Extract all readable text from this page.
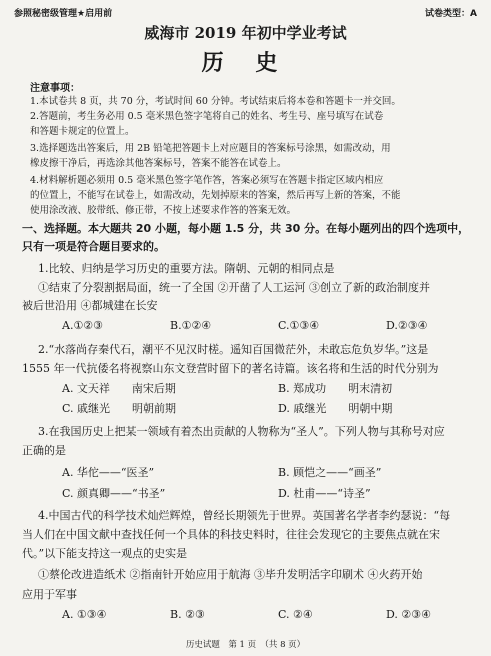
参照秘密级管理★启用前	试卷类型：A
威海市 2019 年初中学业考试
历 史
注意事项：
1.本试卷共 8 页，共 70 分，考试时间 60 分钟。考试结束后将本卷和答题卡一并交回。
2.答题前，考生务必用 0.5 毫米黑色签字笔将自己的姓名、考生号、座号填写在试卷
和答题卡规定的位置上。
3.选择题选出答案后，用 2B 铅笔把答题卡上对应题目的答案标号涂黑，如需改动，用
橡皮擦干净后，再选涂其他答案标号，答案不能答在试卷上。
4.材料解析题必须用 0.5 毫米黑色签字笔作答，答案必须写在答题卡指定区域内相应
的位置上，不能写在试卷上，如需改动，先划掉原来的答案，然后再写上新的答案，不能
使用涂改液、胶带纸、修正带，不按上述要求作答的答案无效。
一、选择题。本大题共 20 小题，每小题 1.5 分，共 30 分。在每小题列出的四个选项中，
只有一项是符合题目要求的。
1.比较、归纳是学习历史的重要方法。隋朝、元朝的相同点是
①结束了分裂割据局面，统一了全国 ②开凿了人工运河 ③创立了新的政治制度并
被后世沿用 ④都城建在长安
A.①②③	B.①②④	C.①③④	D.②③④
2.“水落尚存秦代石，潮平不见汉时槎。遥知百国微茫外，未敢忘危负岁华。”这是
1555 年一代抗倭名将视察山东文登营时留下的著名诗篇。该名将和生活的时代分别为
A. 文天祥　　南宋后期	B. 郑成功　　明末清初
C. 戚继光　　明朝前期	D. 戚继光　　明朝中期
3.在我国历史上把某一领域有着杰出贡献的人物称为“圣人”。下列人物与其称号对应
正确的是
A. 华佗——“医圣”	B. 顾恺之——“画圣”
C. 颜真卿——“书圣”	D. 杜甫——“诗圣”
4.中国古代的科学技术灿烂辉煌，曾经长期领先于世界。英国著名学者李约瑟说：“每
当人们在中国文献中查找任何一个具体的科技史料时，往往会发现它的主要焦点就在宋
代。”以下能支持这一观点的史实是
①蔡伦改进造纸术 ②指南针开始应用于航海 ③毕升发明活字印刷术 ④火药开始
应用于军事
A. ①③④	B. ②③	C. ②④	D. ②③④
历史试题　第 1 页　（共 8 页）
